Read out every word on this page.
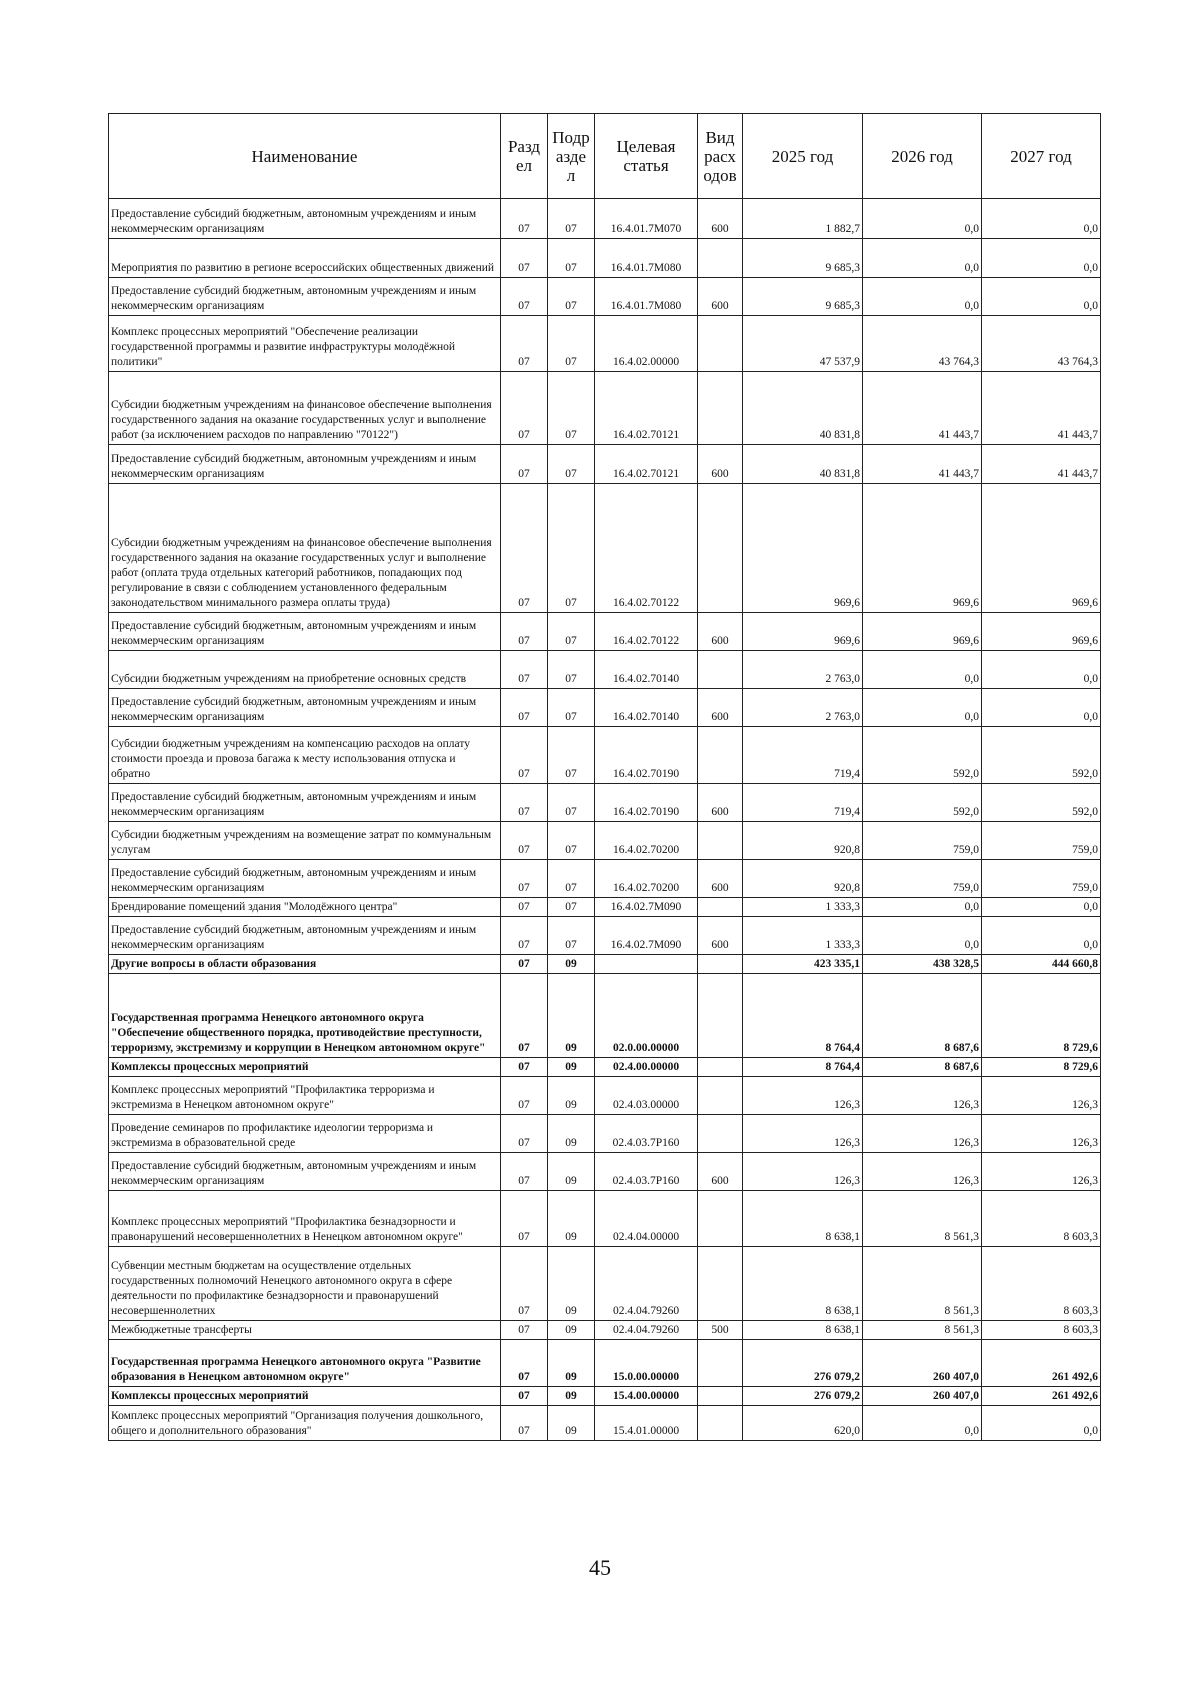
Наименование	Разд ел	Подр азде л	Целевая статья	Вид расх одов	2025 год	2026 год	2027 год
Предоставление субсидий бюджетным, автономным учреждениям и иным некоммерческим организациям	07	07	16.4.01.7М070	600	1 882,7	0,0	0,0
Мероприятия по развитию в регионе всероссийских общественных движений	07	07	16.4.01.7М080		9 685,3	0,0	0,0
Предоставление субсидий бюджетным, автономным учреждениям и иным некоммерческим организациям	07	07	16.4.01.7М080	600	9 685,3	0,0	0,0
Комплекс процессных мероприятий "Обеспечение реализации государственной программы и развитие инфраструктуры молодёжной политики"	07	07	16.4.02.00000		47 537,9	43 764,3	43 764,3
Субсидии бюджетным учреждениям на финансовое обеспечение выполнения государственного задания на оказание государственных услуг и выполнение работ (за исключением расходов по направлению "70122")	07	07	16.4.02.70121		40 831,8	41 443,7	41 443,7
Предоставление субсидий бюджетным, автономным учреждениям и иным некоммерческим организациям	07	07	16.4.02.70121	600	40 831,8	41 443,7	41 443,7
Субсидии бюджетным учреждениям на финансовое обеспечение выполнения государственного задания на оказание государственных услуг и выполнение работ (оплата труда отдельных категорий работников, попадающих под регулирование в связи с соблюдением установленного федеральным законодательством минимального размера оплаты труда)	07	07	16.4.02.70122		969,6	969,6	969,6
Предоставление субсидий бюджетным, автономным учреждениям и иным некоммерческим организациям	07	07	16.4.02.70122	600	969,6	969,6	969,6
Субсидии бюджетным учреждениям на приобретение основных средств	07	07	16.4.02.70140		2 763,0	0,0	0,0
Предоставление субсидий бюджетным, автономным учреждениям и иным некоммерческим организациям	07	07	16.4.02.70140	600	2 763,0	0,0	0,0
Субсидии бюджетным учреждениям на компенсацию расходов на оплату стоимости проезда и провоза багажа к месту использования отпуска и обратно	07	07	16.4.02.70190		719,4	592,0	592,0
Предоставление субсидий бюджетным, автономным учреждениям и иным некоммерческим организациям	07	07	16.4.02.70190	600	719,4	592,0	592,0
Субсидии бюджетным учреждениям на возмещение затрат по коммунальным услугам	07	07	16.4.02.70200		920,8	759,0	759,0
Предоставление субсидий бюджетным, автономным учреждениям и иным некоммерческим организациям	07	07	16.4.02.70200	600	920,8	759,0	759,0
Брендирование помещений здания "Молодёжного центра"	07	07	16.4.02.7М090		1 333,3	0,0	0,0
Предоставление субсидий бюджетным, автономным учреждениям и иным некоммерческим организациям	07	07	16.4.02.7М090	600	1 333,3	0,0	0,0
Другие вопросы в области образования	07	09			423 335,1	438 328,5	444 660,8
Государственная программа Ненецкого автономного округа "Обеспечение общественного порядка, противодействие преступности, терроризму, экстремизму и коррупции в Ненецком автономном округе"	07	09	02.0.00.00000		8 764,4	8 687,6	8 729,6
Комплексы процессных мероприятий	07	09	02.4.00.00000		8 764,4	8 687,6	8 729,6
Комплекс процессных мероприятий "Профилактика терроризма и экстремизма в Ненецком автономном округе"	07	09	02.4.03.00000		126,3	126,3	126,3
Проведение семинаров по профилактике идеологии терроризма и экстремизма в образовательной среде	07	09	02.4.03.7Р160		126,3	126,3	126,3
Предоставление субсидий бюджетным, автономным учреждениям и иным некоммерческим организациям	07	09	02.4.03.7Р160	600	126,3	126,3	126,3
Комплекс процессных мероприятий "Профилактика безнадзорности и правонарушений несовершеннолетних в Ненецком автономном округе"	07	09	02.4.04.00000		8 638,1	8 561,3	8 603,3
Субвенции местным бюджетам на осуществление отдельных государственных полномочий Ненецкого автономного округа в сфере деятельности по профилактике безнадзорности и правонарушений несовершеннолетних	07	09	02.4.04.79260		8 638,1	8 561,3	8 603,3
Межбюджетные трансферты	07	09	02.4.04.79260	500	8 638,1	8 561,3	8 603,3
Государственная программа Ненецкого автономного округа "Развитие образования в Ненецком автономном округе"	07	09	15.0.00.00000		276 079,2	260 407,0	261 492,6
Комплексы процессных мероприятий	07	09	15.4.00.00000		276 079,2	260 407,0	261 492,6
Комплекс процессных мероприятий "Организация получения дошкольного, общего и дополнительного образования"	07	09	15.4.01.00000		620,0	0,0	0,0
45
